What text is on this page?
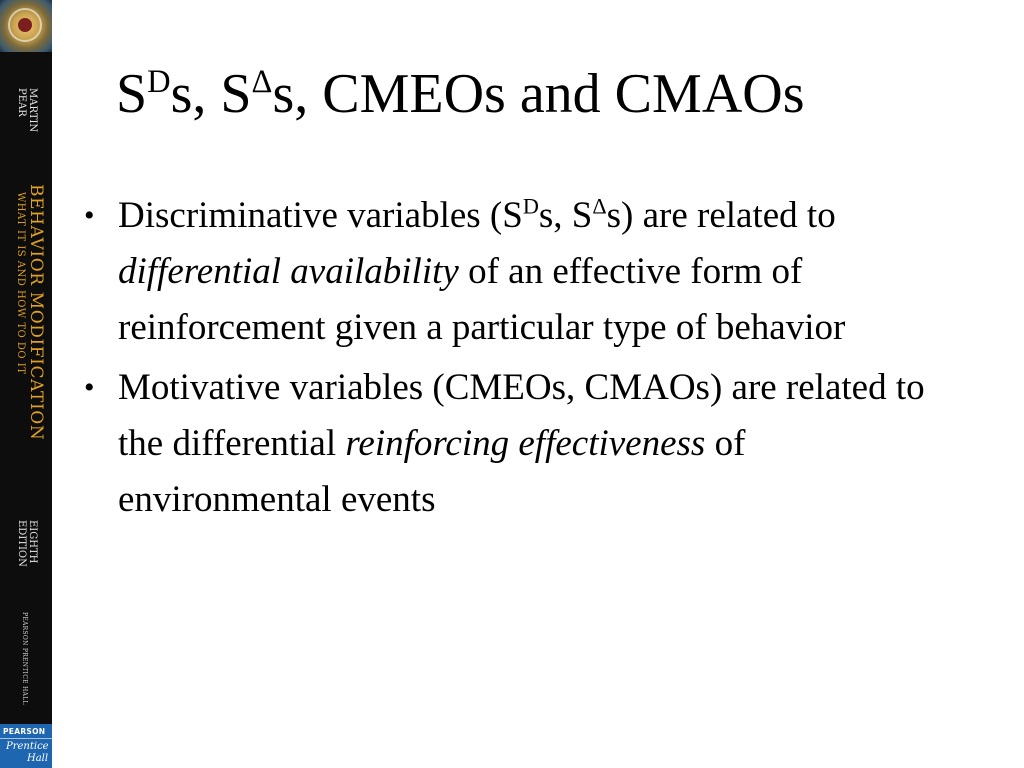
MARTIN
PEAR
BEHAVIOR MODIFICATION
WHAT IT IS AND HOW TO DO IT
EIGHTH
EDITION
PEARSON PRENTICE HALL
PEARSON
Prentice
Hall
$S^Ds$, $S^\Delta s$, CMEOs and CMAOs
• Discriminative variables ($S^Ds$, $S^\Delta s$) are related to differential availability of an effective form of reinforcement given a particular type of behavior
• Motivative variables (CMEOs, CMAOs) are related to the differential reinforcing effectiveness of environmental events
